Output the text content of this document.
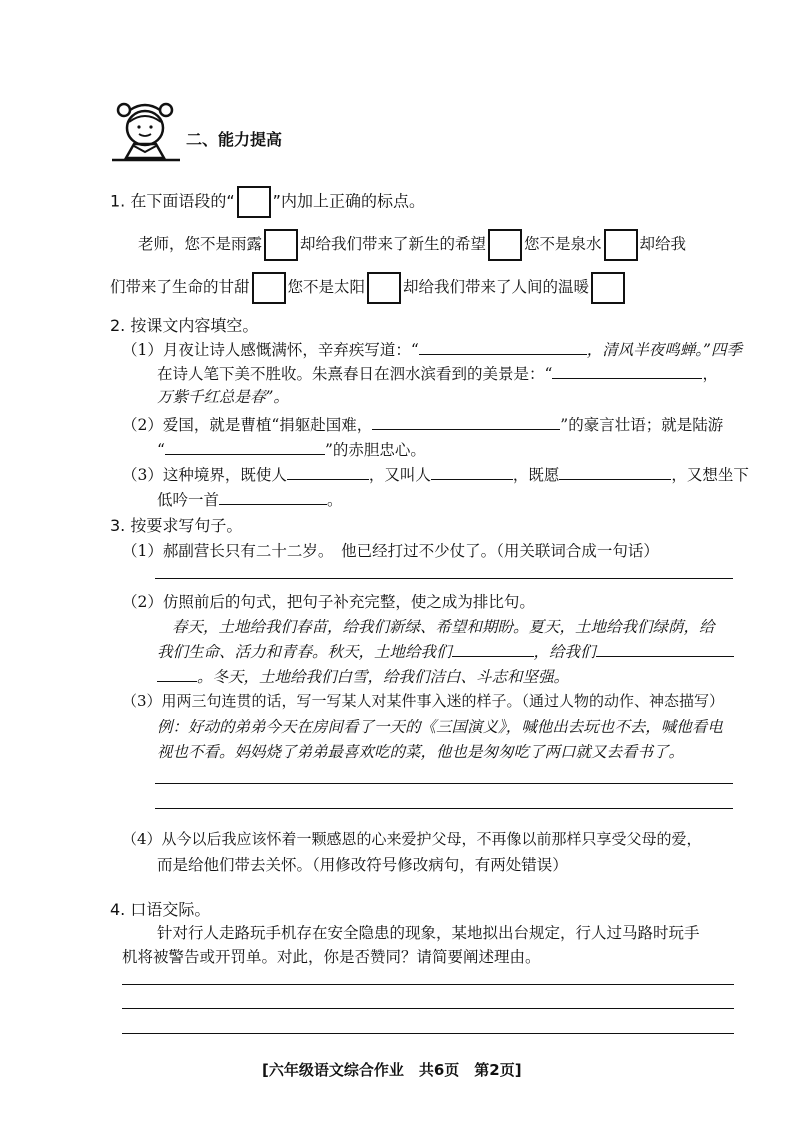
二、能力提高
1. 在下面语段的“ ”内加上正确的标点。
老师，您不是雨露 却给我们带来了新生的希望 您不是泉水 却给我
们带来了生命的甘甜 您不是太阳 却给我们带来了人间的温暖
2. 按课文内容填空。
（1）月夜让诗人感慨满怀，辛弃疾写道：“	，清风半夜鸣蝉。”四季
在诗人笔下美不胜收。朱熹春日在泗水滨看到的美景是：“	，
万紫千红总是春”。
（2）爱国，就是曹植“捐躯赴国难，	”的豪言壮语；就是陆游
“	”的赤胆忠心。
（3）这种境界，既使人	，又叫人	，既愿	，又想坐下
低吟一首	。
3. 按要求写句子。
（1）郝副营长只有二十二岁。　他已经打过不少仗了。（用关联词合成一句话）
（2）仿照前后的句式，把句子补充完整，使之成为排比句。
春天，土地给我们春苗，给我们新绿、希望和期盼。夏天，土地给我们绿荫，给
我们生命、活力和青春。秋天，土地给我们	，给我们
。冬天，土地给我们白雪，给我们洁白、斗志和坚强。
（3）用两三句连贯的话，写一写某人对某件事入迷的样子。（通过人物的动作、神态描写）
例：好动的弟弟今天在房间看了一天的《三国演义》，喊他出去玩也不去，喊他看电
视也不看。妈妈烧了弟弟最喜欢吃的菜，他也是匆匆吃了两口就又去看书了。
（4）从今以后我应该怀着一颗感恩的心来爱护父母，不再像以前那样只享受父母的爱，
而是给他们带去关怀。（用修改符号修改病句，有两处错误）
4. 口语交际。
针对行人走路玩手机存在安全隐患的现象，某地拟出台规定，行人过马路时玩手
机将被警告或开罚单。对此，你是否赞同？请简要阐述理由。
[六年级语文综合作业　共6页　第2页]
